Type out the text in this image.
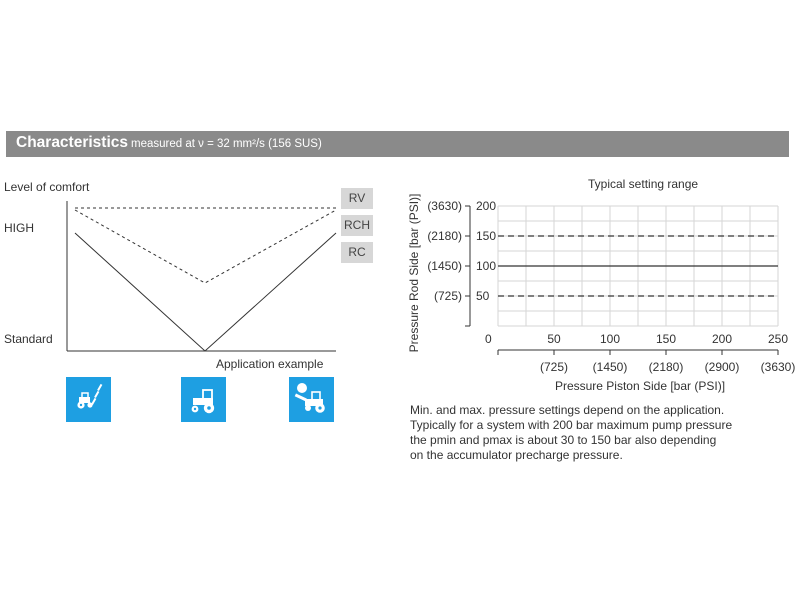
Characteristics measured at ν = 32 mm²/s (156 SUS)
Level of comfort
HIGH
Standard
RV
RCH
RC
Application example
Typical setting range
50
100
150
200
0
(725)
(1450)
(2180)
(3630)
50
(725)
100
(1450)
150
(2180)
200
(2900)
250
(3630)
Pressure Piston Side [bar (PSI)]
Pressure Rod Side [bar (PSI)]

Min. and max. pressure settings depend on the application.

Typically for a system with 200 bar maximum pump pressure

the pmin and pmax is about 30 to 150 bar also depending

on the accumulator precharge pressure.
